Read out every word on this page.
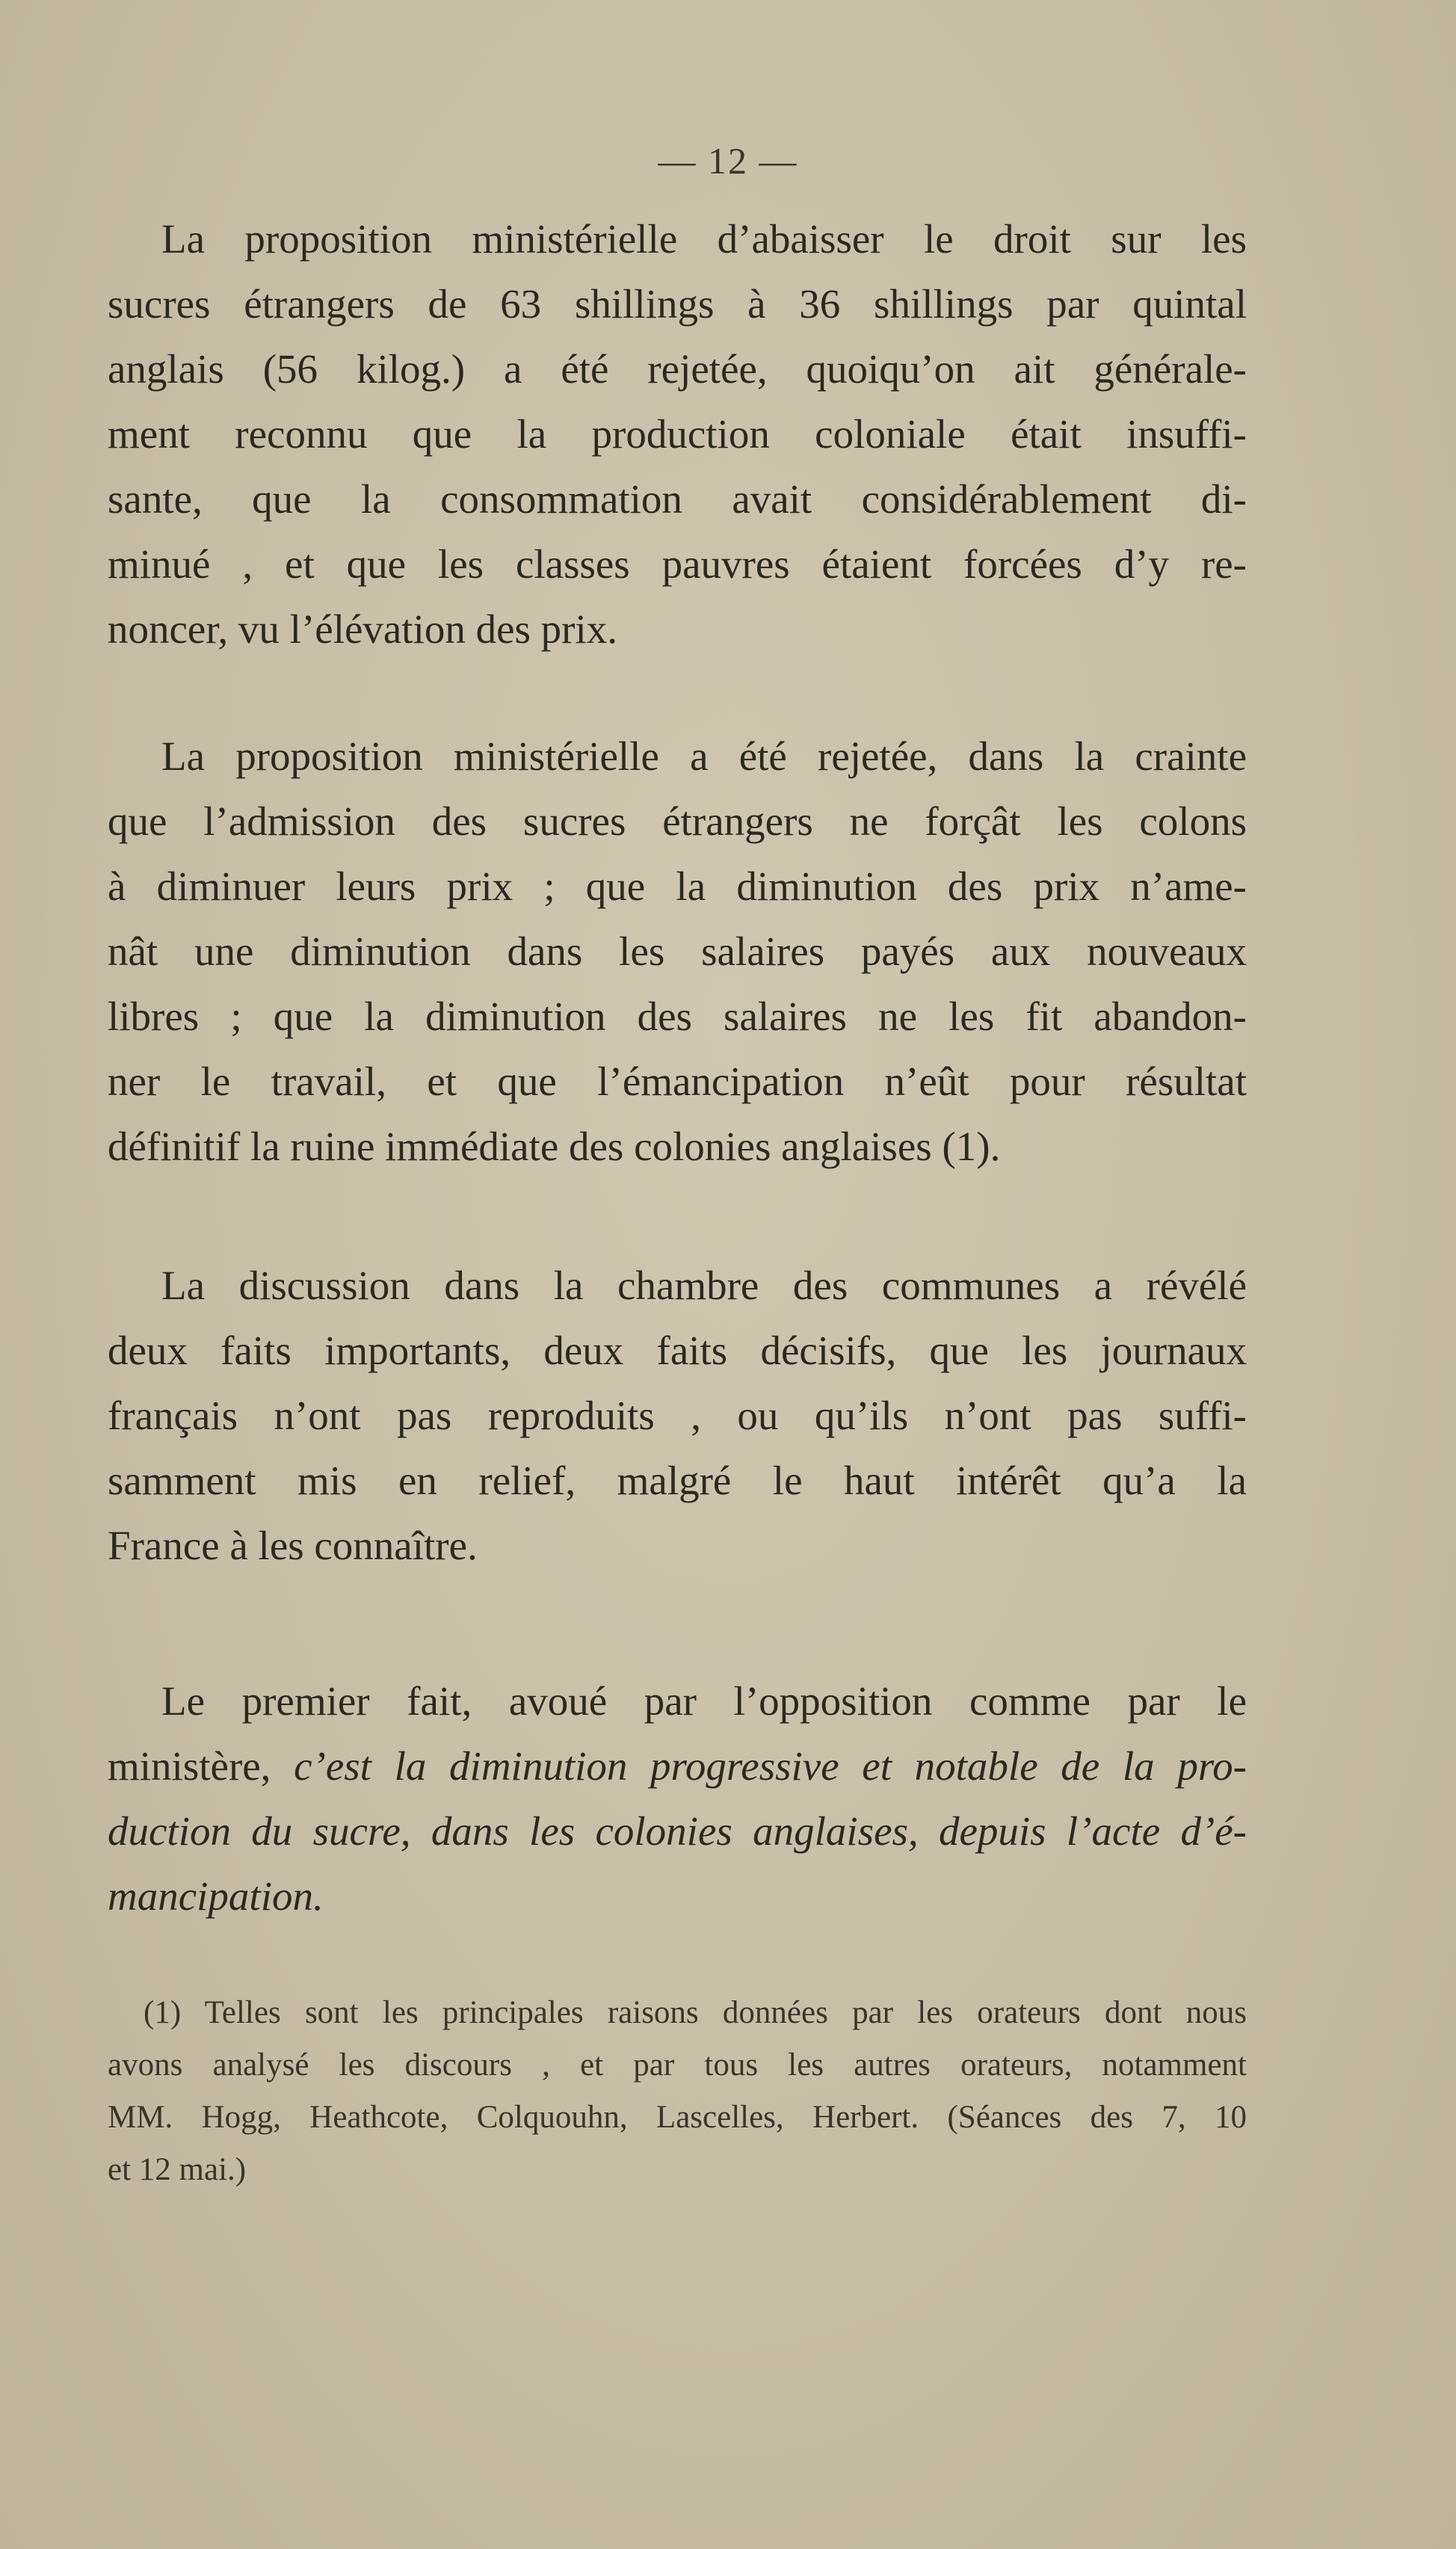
— 12 —
La proposition ministérielle d’abaisser le droit sur les
sucres étrangers de 63 shillings à 36 shillings par quintal
anglais (56 kilog.) a été rejetée, quoiqu’on ait générale-
ment reconnu que la production coloniale était insuffi-
sante, que la consommation avait considérablement di-
minué , et que les classes pauvres étaient forcées d’y re-
noncer, vu l’élévation des prix.
La proposition ministérielle a été rejetée, dans la crainte
que l’admission des sucres étrangers ne forçât les colons
à diminuer leurs prix ; que la diminution des prix n’ame-
nât une diminution dans les salaires payés aux nouveaux
libres ; que la diminution des salaires ne les fit abandon-
ner le travail, et que l’émancipation n’eût pour résultat
définitif la ruine immédiate des colonies anglaises (1).
La discussion dans la chambre des communes a révélé
deux faits importants, deux faits décisifs, que les journaux
français n’ont pas reproduits , ou qu’ils n’ont pas suffi-
samment mis en relief, malgré le haut intérêt qu’a la
France à les connaître.
Le premier fait, avoué par l’opposition comme par le
ministère, c’est la diminution progressive et notable de la pro-
duction du sucre, dans les colonies anglaises, depuis l’acte d’é-
mancipation.
(1) Telles sont les principales raisons données par les orateurs dont nous
avons analysé les discours , et par tous les autres orateurs, notamment
MM. Hogg, Heathcote, Colquouhn, Lascelles, Herbert. (Séances des 7, 10
et 12 mai.)
